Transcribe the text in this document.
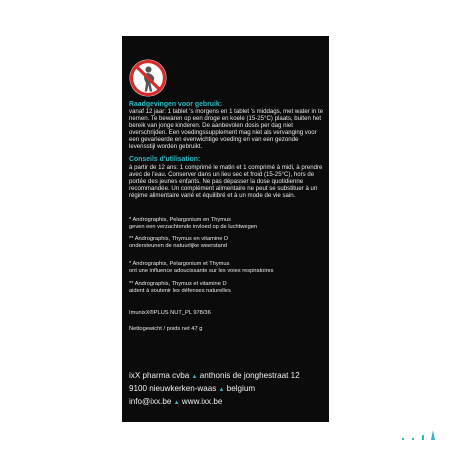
Raadgevingen voor gebruik:

vanaf 12 jaar: 1 tablet 's morgens en 1 tablet 's middags, met water in te nemen. Te bewaren op een droge en koele (15-25°C) plaats, buiten het bereik van jonge kinderen. De aanbevolen dosis per dag niet overschrijden. Een voedingssupplement mag niet als vervanging voor een gevarieerde en evenwichtige voeding en van een gezonde levensstijl worden gebruikt.

Conseils d'utilisation:

à partir de 12 ans: 1 comprimé le matin et 1 comprimé à midi, à prendre avec de l'eau. Conserver dans un lieu sec et froid (15-25°C), hors de portée des jeunes enfants. Ne pas dépasser la dose quotidienne recommandée. Un complément alimentaire ne peut se substituer à un régime alimentaire varié et équilibré et à un mode de vie sain.

* Andrographis, Pelargonium en Thymus
geven een verzachtende invloed op de luchtwegen
** Andrographis, Thymus en vitamine D
ondersteunen de natuurlijke weerstand
* Andrographis, Pelargonium et Thymus
ont une influence adoucissante sur les voies respiratoires
** Andrographis, Thymus et vitamine D
aident à soutenir les défenses naturelles
ImunixX®PLUS NUT_PL 978/36
Nettogewicht / poids net 47 g
ixX pharma cvba ▲ anthonis de jonghestraat 12
9100 nieuwkerken-waas ▲ belgium
info@ixx.be ▲ www.ixx.be
